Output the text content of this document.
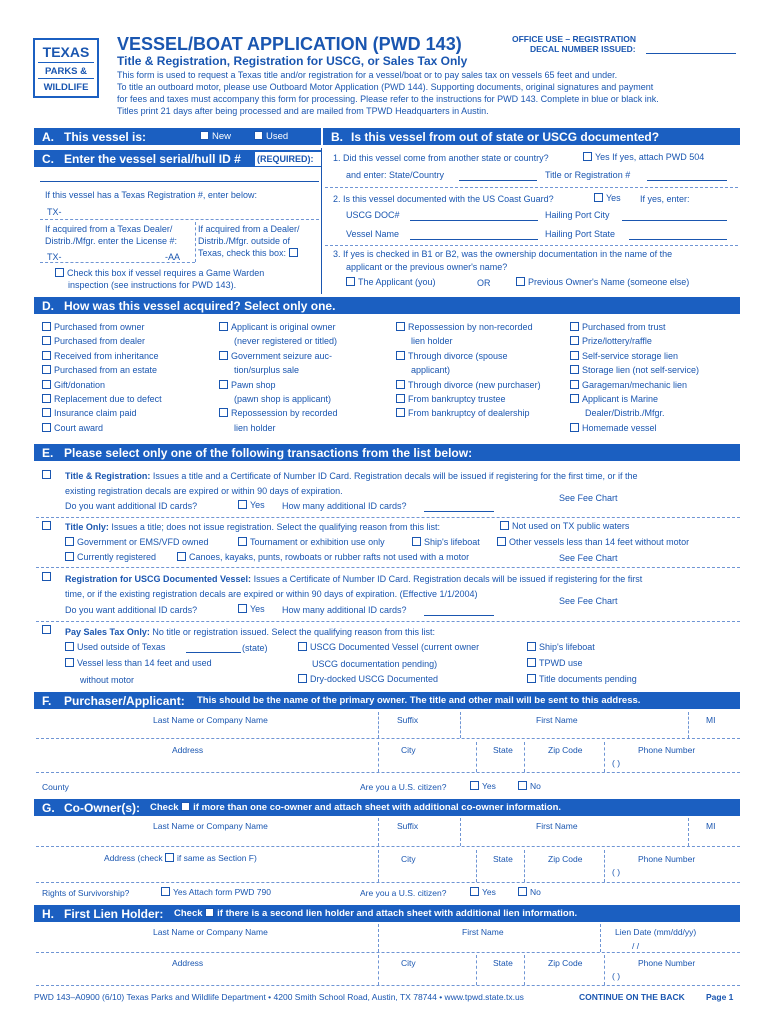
TEXAS
PARKS &
WILDLIFE
VESSEL/BOAT APPLICATION (PWD 143)
Title & Registration, Registration for USCG, or Sales Tax Only
OFFICE USE – REGISTRATION
DECAL NUMBER ISSUED:
This form is used to request a Texas title and/or registration for a vessel/boat or to pay sales tax on vessels 65 feet and under.
To title an outboard motor, please use Outboard Motor Application (PWD 144). Supporting documents, original signatures and payment
for fees and taxes must accompany this form for processing. Please refer to the instructions for PWD 143. Complete in blue or black ink.
Titles print 21 days after being processed and are mailed from TPWD Headquarters in Austin.
A. This vessel is:	New	Used	B. Is this vessel from out of state or USCG documented?
C. Enter the vessel serial/hull ID # (REQUIRED):
If this vessel has a Texas Registration #, enter below:
TX-
If acquired from a Texas Dealer/
Distrib./Mfgr. enter the License #:
If acquired from a Dealer/
Distrib./Mfgr. outside of
Texas, check this box:
TX-	-AA
Check this box if vessel requires a Game Warden
inspection (see instructions for PWD 143).
1. Did this vessel come from another state or country?	Yes If yes, attach PWD 504
and enter: State/Country	Title or Registration #
2. Is this vessel documented with the US Coast Guard?	Yes If yes, enter:
USCG DOC#	Hailing Port City
Vessel Name	Hailing Port State
3. If yes is checked in B1 or B2, was the ownership documentation in the name of the
applicant or the previous owner's name?
The Applicant (you)	OR	Previous Owner's Name (someone else)
D. How was this vessel acquired? Select only one.
Purchased from owner
Purchased from dealer
Received from inheritance
Purchased from an estate
Gift/donation
Replacement due to defect
Insurance claim paid
Court award
Applicant is original owner
(never registered or titled)
Government seizure auc-
tion/surplus sale
Pawn shop
(pawn shop is applicant)
Repossession by recorded
lien holder
Repossession by non-recorded
lien holder
Through divorce (spouse
applicant)
Through divorce (new purchaser)
From bankruptcy trustee
From bankruptcy of dealership
Purchased from trust
Prize/lottery/raffle
Self-service storage lien
Storage lien (not self-service)
Garageman/mechanic lien
Applicant is Marine
Dealer/Distrib./Mfgr.
Homemade vessel
E. Please select only one of the following transactions from the list below:
Title & Registration: Issues a title and a Certificate of Number ID Card. Registration decals will be issued if registering for the first time, or if the
existing registration decals are expired or within 90 days of expiration.
Do you want additional ID cards?	Yes How many additional ID cards?
See Fee Chart
Title Only: Issues a title; does not issue registration. Select the qualifying reason from this list:	Not used on TX public waters
Government or EMS/VFD owned	Tournament or exhibition use only	Ship's lifeboat	Other vessels less than 14 feet without motor
Currently registered	Canoes, kayaks, punts, rowboats or rubber rafts not used with a motor	See Fee Chart
Registration for USCG Documented Vessel: Issues a Certificate of Number ID Card. Registration decals will be issued if registering for the first
time, or if the existing registration decals are expired or within 90 days of expiration. (Effective 1/1/2004)
Do you want additional ID cards?	Yes How many additional ID cards?
See Fee Chart
Pay Sales Tax Only: No title or registration issued. Select the qualifying reason from this list:
Used outside of Texas	(state)	USCG Documented Vessel (current owner
USCG documentation pending)
Ship's lifeboat
Vessel less than 14 feet and used
without motor	Dry-docked USCG Documented
TPWD use
Title documents pending
F. Purchaser/Applicant: This should be the name of the primary owner. The title and other mail will be sent to this address.
Last Name or Company Name	Suffix	First Name	MI
Address	City	State	Zip Code	Phone Number
( )
County	Are you a U.S. citizen?	Yes	No
G. Co-Owner(s): Check if more than one co-owner and attach sheet with additional co-owner information.
Last Name or Company Name	Suffix	First Name	MI
Address (check if same as Section F)	City	State	Zip Code	Phone Number
( )
Rights of Survivorship?	Yes Attach form PWD 790	Are you a U.S. citizen?	Yes	No
H. First Lien Holder: Check if there is a second lien holder and attach sheet with additional lien information.
Last Name or Company Name	First Name	Lien Date (mm/dd/yy)
/ /
Address	City	State	Zip Code	Phone Number
( )
PWD 143–A0900 (6/10) Texas Parks and Wildlife Department • 4200 Smith School Road, Austin, TX 78744 • www.tpwd.state.tx.us	CONTINUE ON THE BACK Page 1
